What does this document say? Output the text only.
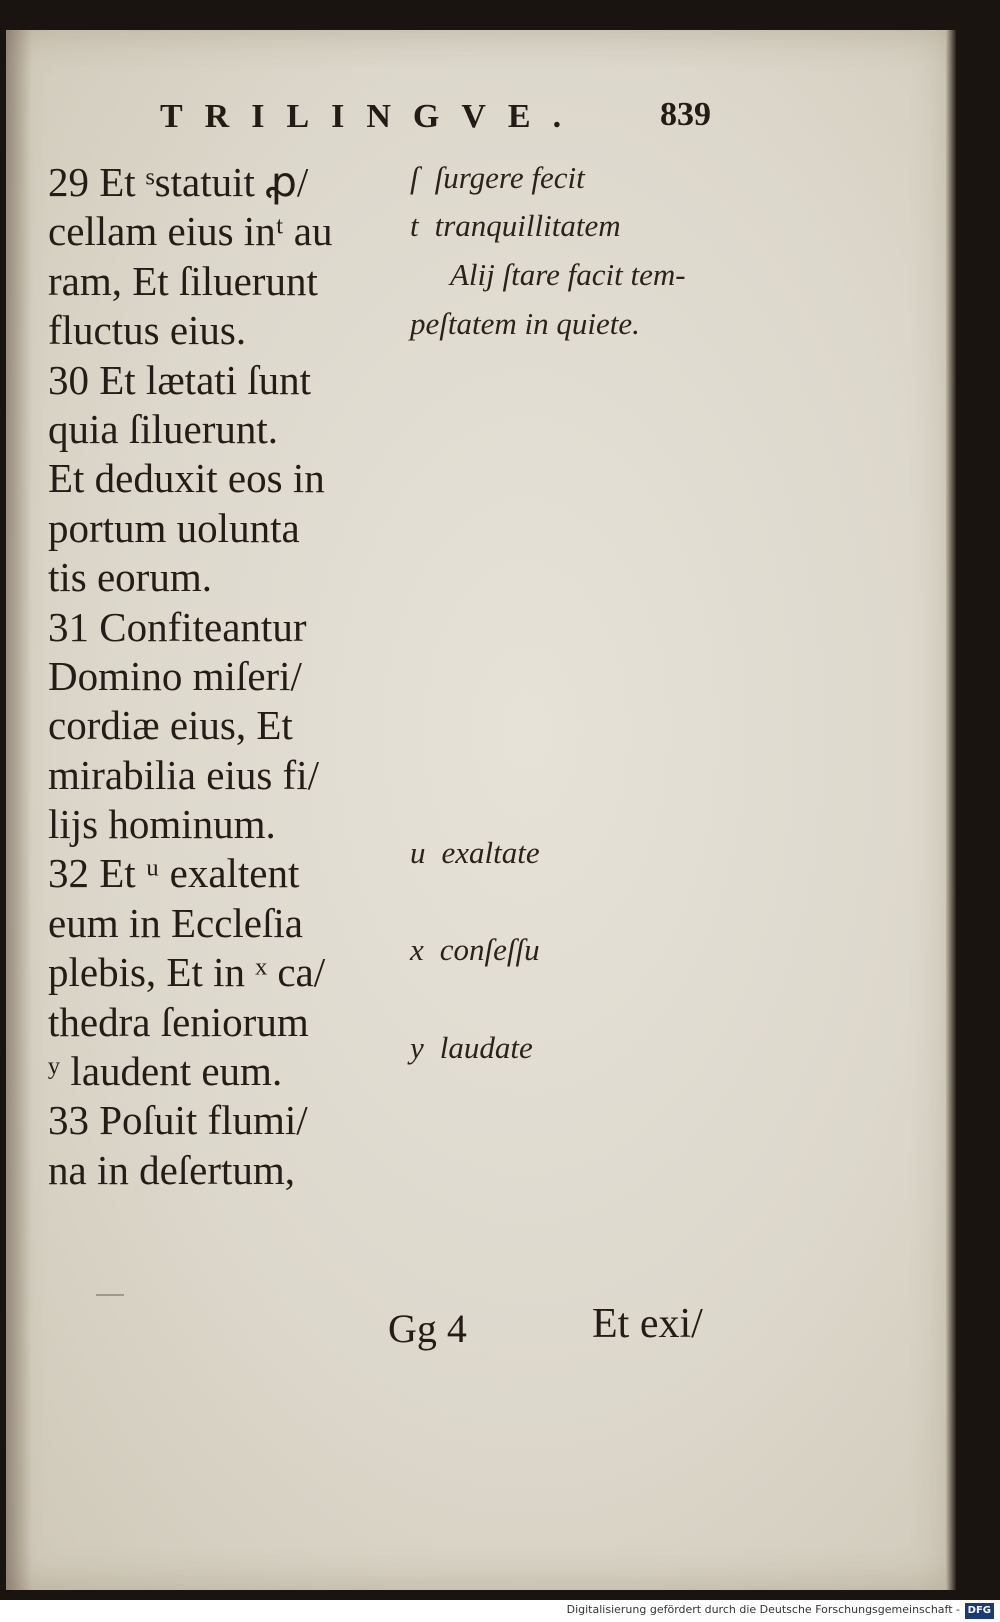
TRILINGVE.	839
29 Et ˢstatuit ꝓ/
cellam eius inᵗ au
ram, Et ſiluerunt
fluctus eius.
30 Et lætati ſunt
quia ſiluerunt.
Et deduxit eos in
portum uolunta
tis eorum.
31 Confiteantur
Domino miſeri/
cordiæ eius, Et
mirabilia eius fi/
lijs hominum.
32 Et ᵘ exaltent
eum in Eccleſia
plebis, Et in ˣ ca/
thedra ſeniorum
ʸ laudent eum.
33 Poſuit flumi/
na in deſertum,
ſ ſurgere fecit
t tranquillitatem
Alij ſtare facit tem-
peſtatem in quiete.
u exaltate
x conſeſſu
y laudate
Gg 4	Et exi/
Digitalisierung gefördert durch die Deutsche Forschungsgemeinschaft - DFG
